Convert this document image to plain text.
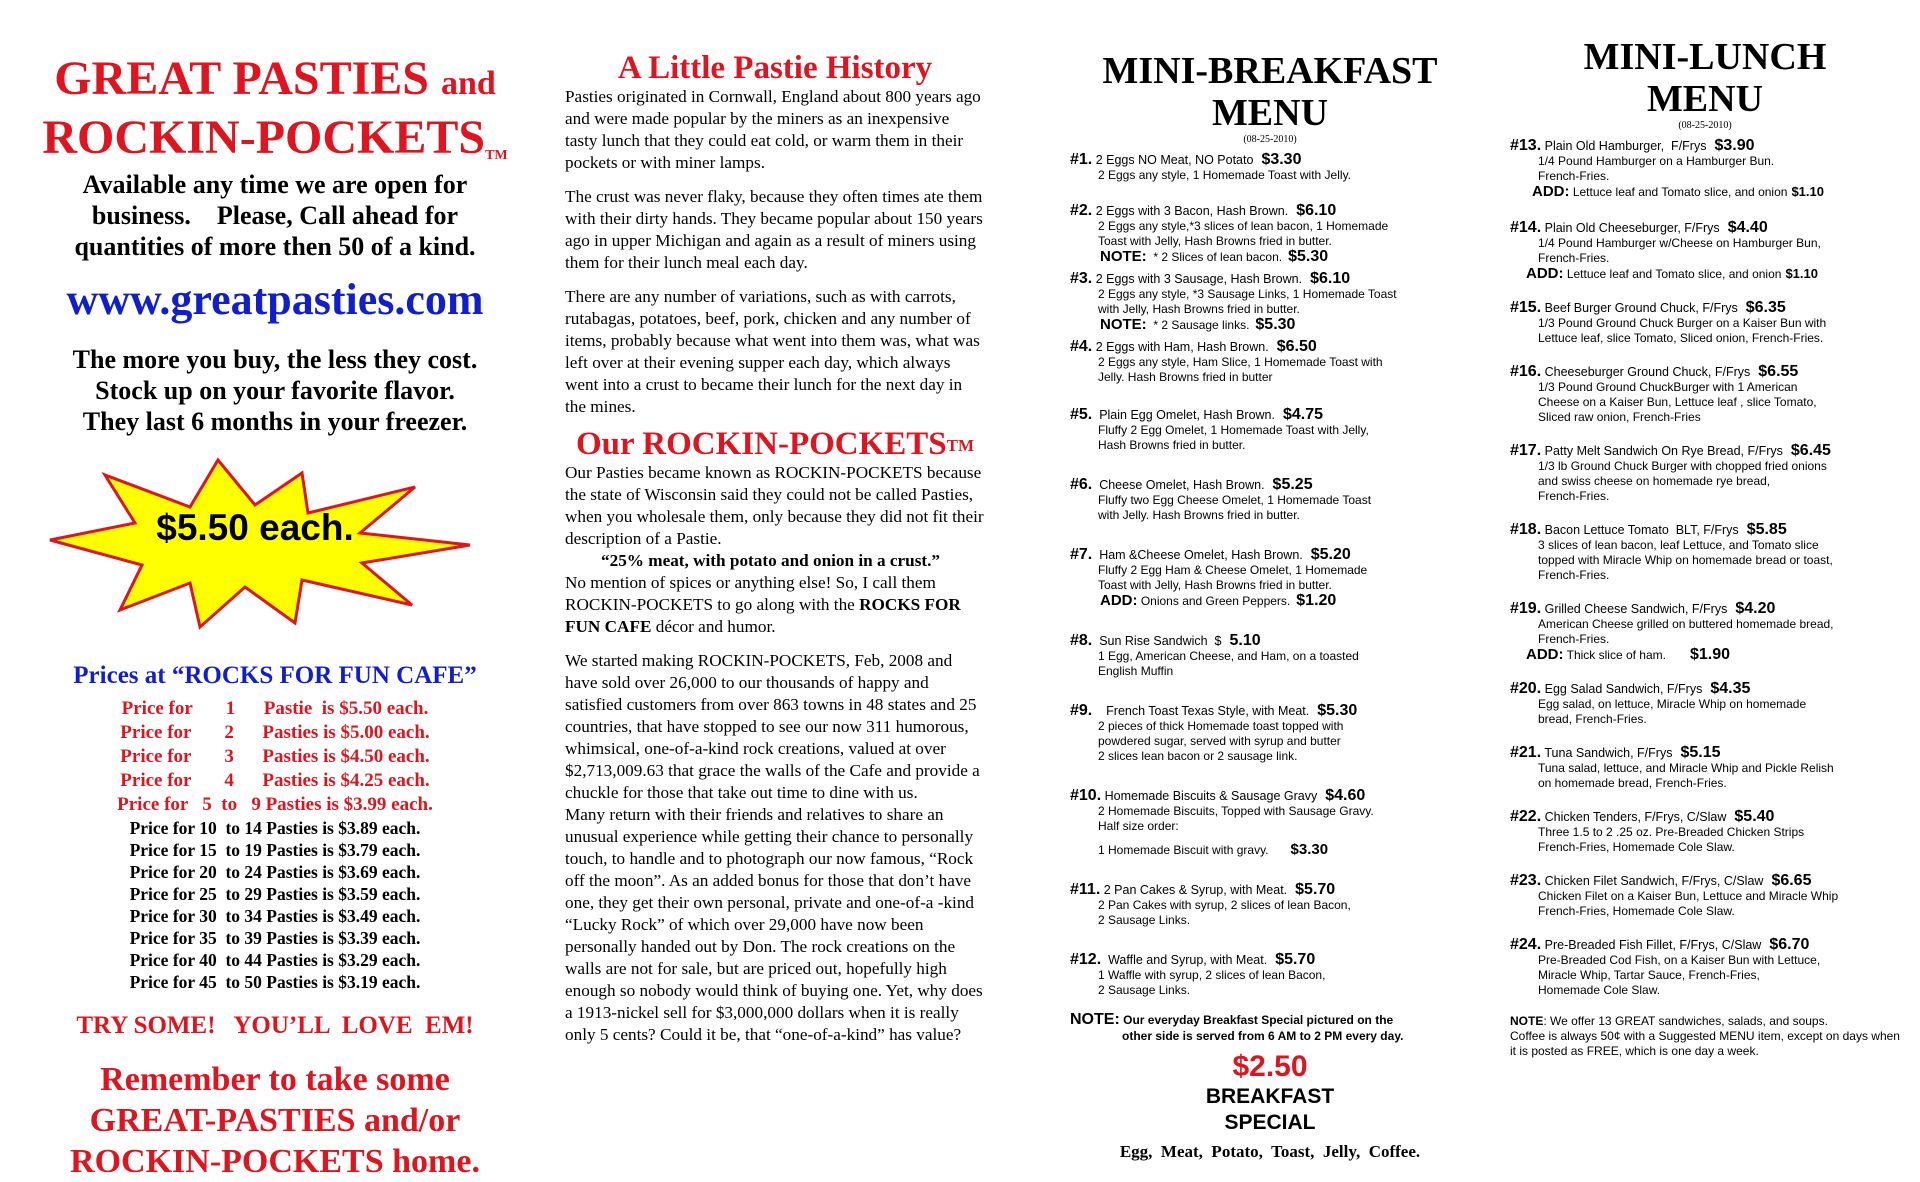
GREAT PASTIES and
ROCKIN-POCKETS™
Available any time we are open for
business.    Please, Call ahead for
quantities of more then 50 of a kind.
www.greatpasties.com
The more you buy, the less they cost.
Stock up on your favorite flavor.
They last 6 months in your freezer.
$5.50 each.
Prices at “ROCKS FOR FUN CAFE”
Price for       1      Pastie  is $5.50 each.
Price for       2      Pasties is $5.00 each.
Price for       3      Pasties is $4.50 each.
Price for       4      Pasties is $4.25 each.
Price for   5  to   9 Pasties is $3.99 each.
Price for 10  to 14 Pasties is $3.89 each.
Price for 15  to 19 Pasties is $3.79 each.
Price for 20  to 24 Pasties is $3.69 each.
Price for 25  to 29 Pasties is $3.59 each.
Price for 30  to 34 Pasties is $3.49 each.
Price for 35  to 39 Pasties is $3.39 each.
Price for 40  to 44 Pasties is $3.29 each.
Price for 45  to 50 Pasties is $3.19 each.
TRY SOME!   YOU’LL  LOVE  EM!
Remember to take some
GREAT-PASTIES and/or
ROCKIN-POCKETS home.
A Little Pastie History

Pasties originated in Cornwall, England about 800 years ago and were made popular by the miners as an inexpensive tasty lunch that they could eat cold, or warm them in their pockets or with miner lamps.

The crust was never flaky, because they often times ate them with their dirty hands. They became popular about 150 years ago in upper Michigan and again as a result of miners using them for their lunch meal each day.

There are any number of variations, such as with carrots, rutabagas, potatoes, beef, pork, chicken and any number of items, probably because what went into them was, what was left over at their evening supper each day, which always went into a crust to became their lunch for the next day in the mines.

Our ROCKIN-POCKETS™

Our Pasties became known as ROCKIN-POCKETS because the state of Wisconsin said they could not be called Pasties, when you wholesale them, only because they did not fit their description of a Pastie.
“25% meat, with potato and onion in a crust.”
No mention of spices or anything else! So, I call them ROCKIN-POCKETS to go along with the ROCKS FOR FUN CAFE décor and humor.

We started making ROCKIN-POCKETS, Feb, 2008 and have sold over 26,000 to our thousands of happy and satisfied customers from over 863 towns in 48 states and 25 countries, that have stopped to see our now 311 humorous, whimsical, one-of-a-kind rock creations, valued at over $2,713,009.63 that grace the walls of the Cafe and provide a chuckle for those that take out time to dine with us.

Many return with their friends and relatives to share an unusual experience while getting their chance to personally touch, to handle and to photograph our now famous, “Rock off the moon”. As an added bonus for those that don’t have one, they get their own personal, private and one-of-a -kind “Lucky Rock” of which over 29,000 have now been personally handed out by Don. The rock creations on the walls are not for sale, but are priced out, hopefully high enough so nobody would think of buying one. Yet, why does a 1913-nickel sell for $3,000,000 dollars when it is really only 5 cents? Could it be, that “one-of-a-kind” has value?

MINI-BREAKFAST
MENU
(08-25-2010)
#1. 2 Eggs NO Meat, NO Potato $3.30
2 Eggs any style, 1 Homemade Toast with Jelly.
#2. 2 Eggs with 3 Bacon, Hash Brown. $6.10
2 Eggs any style,*3 slices of lean bacon, 1 Homemade
Toast with Jelly, Hash Browns fried in butter.
NOTE:  * 2 Slices of lean bacon. $5.30
#3. 2 Eggs with 3 Sausage, Hash Brown. $6.10
2 Eggs any style, *3 Sausage Links, 1 Homemade Toast
with Jelly, Hash Browns fried in butter.
NOTE:  * 2 Sausage links. $5.30
#4. 2 Eggs with Ham, Hash Brown. $6.50
2 Eggs any style, Ham Slice, 1 Homemade Toast with
Jelly. Hash Browns fried in butter
#5.  Plain Egg Omelet, Hash Brown. $4.75
Fluffy 2 Egg Omelet, 1 Homemade Toast with Jelly,
Hash Browns fried in butter.
#6.  Cheese Omelet, Hash Brown. $5.25
Fluffy two Egg Cheese Omelet, 1 Homemade Toast
with Jelly. Hash Browns fried in butter.
#7.  Ham &Cheese Omelet, Hash Brown. $5.20
Fluffy 2 Egg Ham & Cheese Omelet, 1 Homemade
Toast with Jelly, Hash Browns fried in butter.
ADD: Onions and Green Peppers. $1.20
#8.  Sun Rise Sandwich  $ 5.10
1 Egg, American Cheese, and Ham, on a toasted
English Muffin
#9.    French Toast Texas Style, with Meat. $5.30
2 pieces of thick Homemade toast topped with
powdered sugar, served with syrup and butter
2 slices lean bacon or 2 sausage link.
#10. Homemade Biscuits & Sausage Gravy $4.60
2 Homemade Biscuits, Topped with Sausage Gravy.
Half size order:
1 Homemade Biscuit with gravy. $3.30
#11. 2 Pan Cakes & Syrup, with Meat. $5.70
2 Pan Cakes with syrup, 2 slices of lean Bacon,
2 Sausage Links.
#12.  Waffle and Syrup, with Meat. $5.70
1 Waffle with syrup, 2 slices of lean Bacon,
2 Sausage Links.
NOTE: Our everyday Breakfast Special pictured on the
other side is served from 6 AM to 2 PM every day.
$2.50
BREAKFAST
SPECIAL
Egg,  Meat,  Potato,  Toast,  Jelly,  Coffee.
MINI-LUNCH
MENU
(08-25-2010)
#13. Plain Old Hamburger,  F/Frys $3.90
1/4 Pound Hamburger on a Hamburger Bun.
French-Fries.
ADD: Lettuce leaf and Tomato slice, and onion $1.10
#14. Plain Old Cheeseburger, F/Frys $4.40
1/4 Pound Hamburger w/Cheese on Hamburger Bun,
French-Fries.
ADD: Lettuce leaf and Tomato slice, and onion $1.10
#15. Beef Burger Ground Chuck, F/Frys $6.35
1/3 Pound Ground Chuck Burger on a Kaiser Bun with
Lettuce leaf, slice Tomato, Sliced onion, French-Fries.
#16. Cheeseburger Ground Chuck, F/Frys $6.55
1/3 Pound Ground ChuckBurger with 1 American
Cheese on a Kaiser Bun, Lettuce leaf , slice Tomato,
Sliced raw onion, French-Fries
#17. Patty Melt Sandwich On Rye Bread, F/Frys $6.45
1/3 lb Ground Chuck Burger with chopped fried onions
and swiss cheese on homemade rye bread,
French-Fries.
#18. Bacon Lettuce Tomato  BLT, F/Frys $5.85
3 slices of lean bacon, leaf Lettuce, and Tomato slice
topped with Miracle Whip on homemade bread or toast,
French-Fries.
#19. Grilled Cheese Sandwich, F/Frys $4.20
American Cheese grilled on buttered homemade bread,
French-Fries.
ADD: Thick slice of ham. $1.90
#20. Egg Salad Sandwich, F/Frys $4.35
Egg salad, on lettuce, Miracle Whip on homemade
bread, French-Fries.
#21. Tuna Sandwich, F/Frys $5.15
Tuna salad, lettuce, and Miracle Whip and Pickle Relish
on homemade bread, French-Fries.
#22. Chicken Tenders, F/Frys, C/Slaw $5.40
Three 1.5 to 2 .25 oz. Pre-Breaded Chicken Strips
French-Fries, Homemade Cole Slaw.
#23. Chicken Filet Sandwich, F/Frys, C/Slaw $6.65
Chicken Filet on a Kaiser Bun, Lettuce and Miracle Whip
French-Fries, Homemade Cole Slaw.
#24. Pre-Breaded Fish Fillet, F/Frys, C/Slaw $6.70
Pre-Breaded Cod Fish, on a Kaiser Bun with Lettuce,
Miracle Whip, Tartar Sauce, French-Fries,
Homemade Cole Slaw.
NOTE: We offer 13 GREAT sandwiches, salads, and soups.
Coffee is always 50¢ with a Suggested MENU item, except on days when it is posted as FREE, which is one day a week.
